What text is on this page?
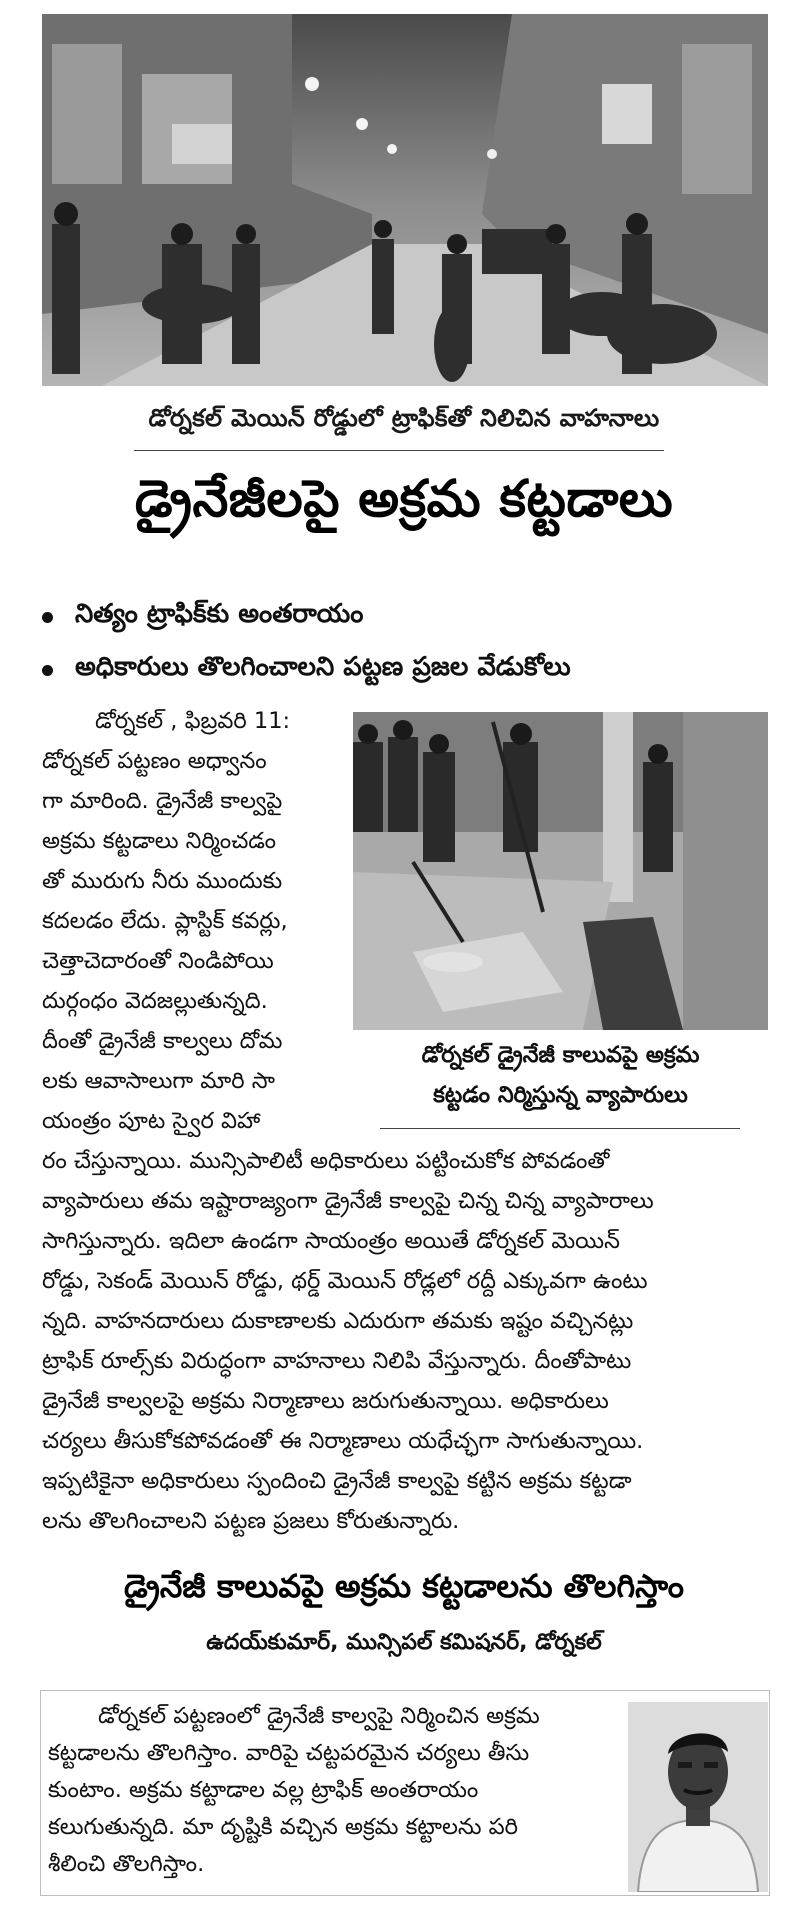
డోర్నకల్ మెయిన్ రోడ్డులో ట్రాఫిక్‌తో నిలిచిన వాహనాలు
డ్రైనేజీలపై అక్రమ కట్టడాలు
నిత్యం ట్రాఫిక్‌కు అంతరాయం
అధికారులు తొలగించాలని పట్టణ ప్రజల వేడుకోలు
డోర్నకల్ , ఫిబ్రవరి 11:
డోర్నకల్ పట్టణం అధ్వానం
గా మారింది. డ్రైనేజీ కాల్వపై
అక్రమ కట్టడాలు నిర్మించడం
తో మురుగు నీరు ముందుకు
కదలడం లేదు. ప్లాస్టిక్ కవర్లు,
చెత్తాచెదారంతో నిండిపోయి
దుర్గంధం వెదజల్లుతున్నది.
దీంతో డ్రైనేజీ కాల్వలు దోమ
లకు ఆవాసాలుగా మారి సా
యంత్రం పూట స్వైర విహా
డోర్నకల్ డ్రైనేజీ కాలువపై అక్రమ
కట్టడం నిర్మిస్తున్న వ్యాపారులు
రం చేస్తున్నాయి. మున్సిపాలిటీ అధికారులు పట్టించుకోక పోవడంతో
వ్యాపారులు తమ ఇష్టారాజ్యంగా డ్రైనేజీ కాల్వపై చిన్న చిన్న వ్యాపారాలు
సాగిస్తున్నారు. ఇదిలా ఉండగా సాయంత్రం అయితే డోర్నకల్ మెయిన్
రోడ్డు, సెకండ్ మెయిన్ రోడ్డు, థర్డ్ మెయిన్ రోడ్లలో రద్దీ ఎక్కువగా ఉంటు
న్నది. వాహనదారులు దుకాణాలకు ఎదురుగా తమకు ఇష్టం వచ్చినట్లు
ట్రాఫిక్ రూల్స్‌కు విరుద్ధంగా వాహనాలు నిలిపి వేస్తున్నారు. దీంతోపాటు
డ్రైనేజీ కాల్వలపై అక్రమ నిర్మాణాలు జరుగుతున్నాయి. అధికారులు
చర్యలు తీసుకోకపోవడంతో ఈ నిర్మాణాలు యధేచ్ఛగా సాగుతున్నాయి.
ఇప్పటికైనా అధికారులు స్పందించి డ్రైనేజీ కాల్వపై కట్టిన అక్రమ కట్టడా
లను తొలగించాలని పట్టణ ప్రజలు కోరుతున్నారు.
డ్రైనేజీ కాలువపై అక్రమ కట్టడాలను తొలగిస్తాం
ఉదయ్‌కుమార్, మున్సిపల్ కమిషనర్, డోర్నకల్
డోర్నకల్ పట్టణంలో డ్రైనేజీ కాల్వపై నిర్మించిన అక్రమ
కట్టడాలను తొలగిస్తాం. వారిపై చట్టపరమైన చర్యలు తీసు
కుంటాం. అక్రమ కట్టాడాల వల్ల ట్రాఫిక్ అంతరాయం
కలుగుతున్నది. మా దృష్టికి వచ్చిన అక్రమ కట్టాలను పరి
శీలించి తొలగిస్తాం.
